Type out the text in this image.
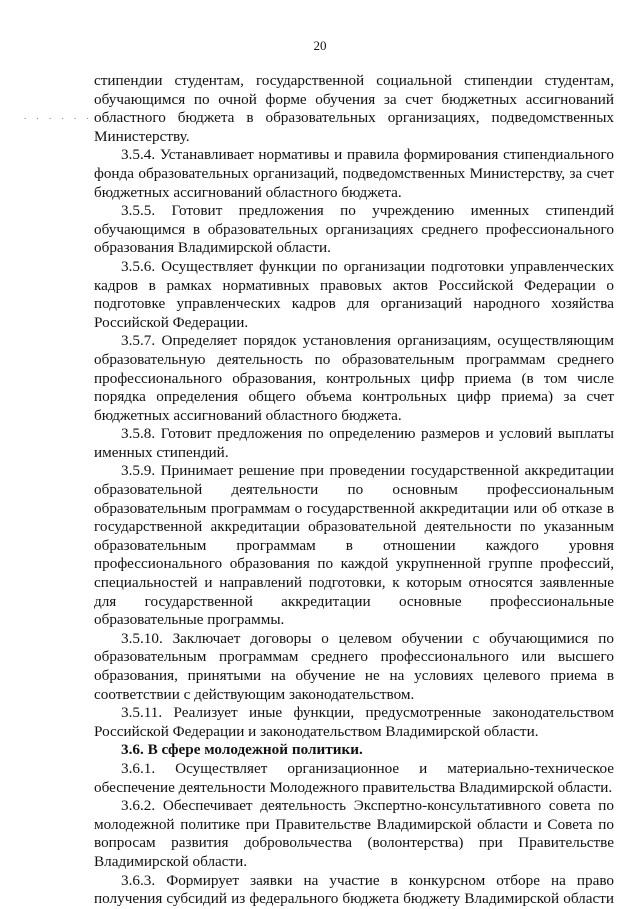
20
. . . . . .

стипендии студентам, государственной социальной стипендии студентам, обучающимся по очной форме обучения за счет бюджетных ассигнований областного бюджета в образовательных организациях, подведомственных Министерству.

3.5.4. Устанавливает нормативы и правила формирования стипендиального фонда образовательных организаций, подведомственных Министерству, за счет бюджетных ассигнований областного бюджета.

3.5.5. Готовит предложения по учреждению именных стипендий обучающимся в образовательных организациях среднего профессионального образования Владимирской области.

3.5.6. Осуществляет функции по организации подготовки управленческих кадров в рамках нормативных правовых актов Российской Федерации о подготовке управленческих кадров для организаций народного хозяйства Российской Федерации.

3.5.7. Определяет порядок установления организациям, осуществляющим образовательную деятельность по образовательным программам среднего профессионального образования, контрольных цифр приема (в том числе порядка определения общего объема контрольных цифр приема) за счет бюджетных ассигнований областного бюджета.

3.5.8. Готовит предложения по определению размеров и условий выплаты именных стипендий.

3.5.9. Принимает решение при проведении государственной аккредитации образовательной деятельности по основным профессиональным образовательным программам о государственной аккредитации или об отказе в государственной аккредитации образовательной деятельности по указанным образовательным программам в отношении каждого уровня профессионального образования по каждой укрупненной группе профессий, специальностей и направлений подготовки, к которым относятся заявленные для государственной аккредитации основные профессиональные образовательные программы.

3.5.10. Заключает договоры о целевом обучении с обучающимися по образовательным программам среднего профессионального или высшего образования, принятыми на обучение не на условиях целевого приема в соответствии с действующим законодательством.

3.5.11. Реализует иные функции, предусмотренные законодательством Российской Федерации и законодательством Владимирской области.

3.6. В сфере молодежной политики.

3.6.1. Осуществляет организационное и материально-техническое обеспечение деятельности Молодежного правительства Владимирской области.

3.6.2. Обеспечивает деятельность Экспертно-консультативного совета по молодежной политике при Правительстве Владимирской области и Совета по вопросам развития добровольчества (волонтерства) при Правительстве Владимирской области.

3.6.3. Формирует заявки на участие в конкурсном отборе на право получения субсидий из федерального бюджета бюджету Владимирской области
